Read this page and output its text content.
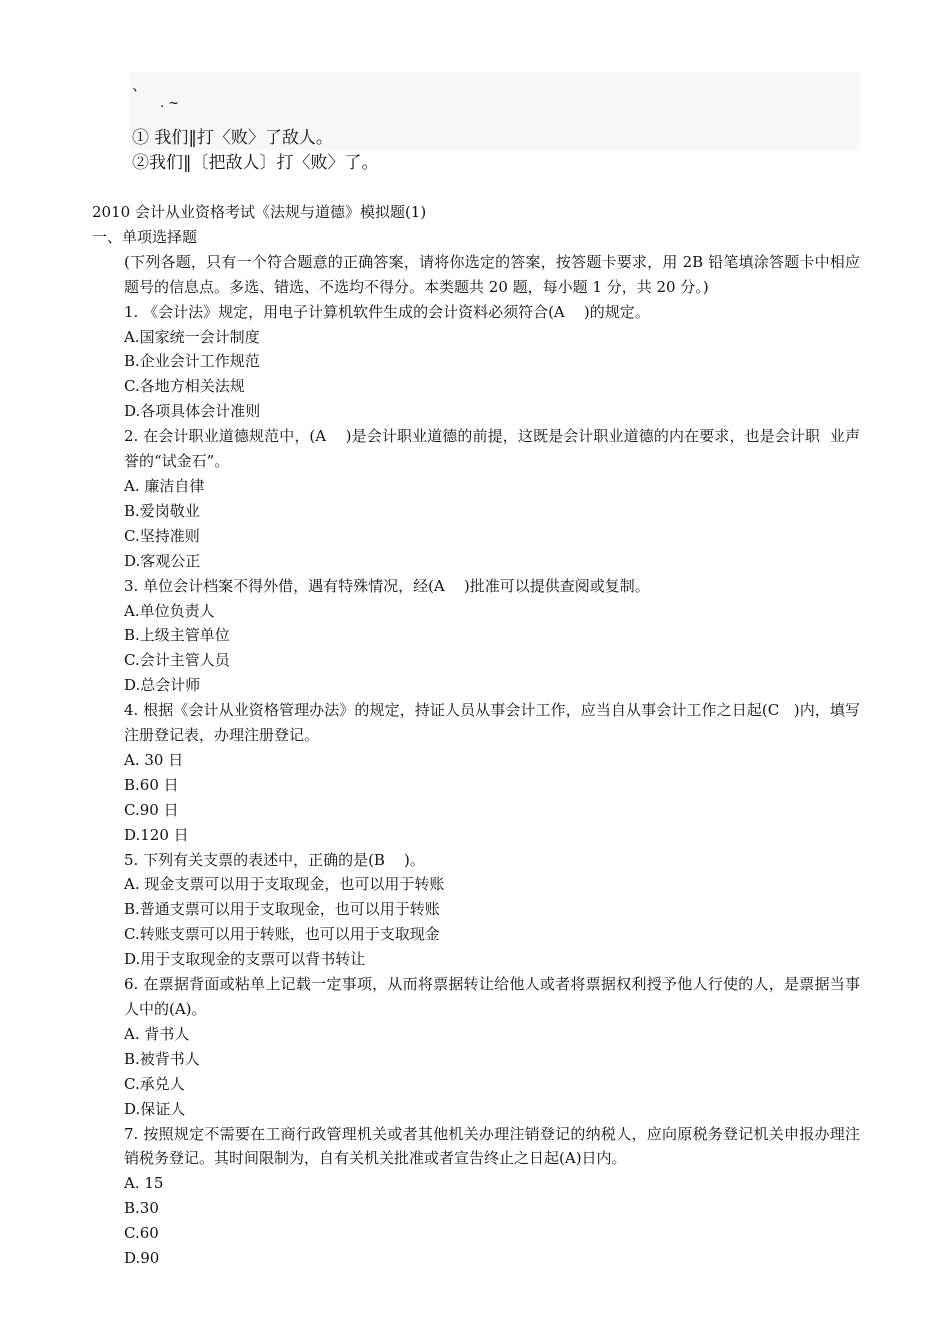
、
. ~
① 我们‖打〈败〉了敌人。
②我们‖〔把敌人〕打〈败〉了。

2010 会计从业资格考试《法规与道德》模拟题(1)

一、单项选择题

(下列各题，只有一个符合题意的正确答案，请将你选定的答案，按答题卡要求，用 2B 铅笔填涂答题卡中相应题号的信息点。多选、错选、不选均不得分。本类题共 20 题，每小题 1 分，共 20 分。)

1. 《会计法》规定，用电子计算机软件生成的会计资料必须符合(A    )的规定。

A.国家统一会计制度

B.企业会计工作规范

C.各地方相关法规

D.各项具体会计准则

2. 在会计职业道德规范中，(A    )是会计职业道德的前提，这既是会计职业道德的内在要求，也是会计职  业声誉的“试金石”。

A. 廉洁自律

B.爱岗敬业

C.坚持准则

D.客观公正

3. 单位会计档案不得外借，遇有特殊情况，经(A    )批准可以提供查阅或复制。

A.单位负责人

B.上级主管单位

C.会计主管人员

D.总会计师

4. 根据《会计从业资格管理办法》的规定，持证人员从事会计工作，应当自从事会计工作之日起(C   )内，填写注册登记表，办理注册登记。

A. 30 日

B.60 日

C.90 日

D.120 日

5. 下列有关支票的表述中，正确的是(B    )。

A. 现金支票可以用于支取现金，也可以用于转账

B.普通支票可以用于支取现金，也可以用于转账

C.转账支票可以用于转账，也可以用于支取现金

D.用于支取现金的支票可以背书转让

6. 在票据背面或粘单上记载一定事项，从而将票据转让给他人或者将票据权利授予他人行使的人，是票据当事人中的(A)。

A. 背书人

B.被背书人

C.承兑人

D.保证人

7. 按照规定不需要在工商行政管理机关或者其他机关办理注销登记的纳税人，应向原税务登记机关申报办理注销税务登记。其时间限制为，自有关机关批准或者宣告终止之日起(A)日内。

A. 15

B.30

C.60

D.90
